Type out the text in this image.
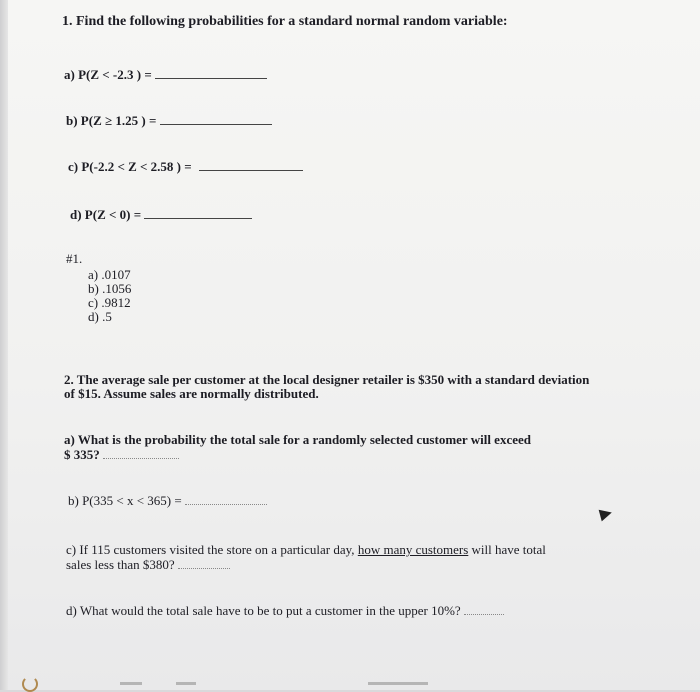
1. Find the following probabilities for a standard normal random variable:
a) P(Z < -2.3 ) =
b) P(Z ≥ 1.25 ) =
c) P(-2.2 < Z < 2.58 ) =
d) P(Z < 0) =
#1.
a) .0107
b) .1056
c) .9812
d) .5
2. The average sale per customer at the local designer retailer is $350 with a standard deviation
of $15. Assume sales are normally distributed.
a) What is the probability the total sale for a randomly selected customer will exceed
$ 335?
b) P(335 < x < 365) =
c) If 115 customers visited the store on a particular day, how many customers will have total
sales less than $380?
d) What would the total sale have to be to put a customer in the upper 10%?
